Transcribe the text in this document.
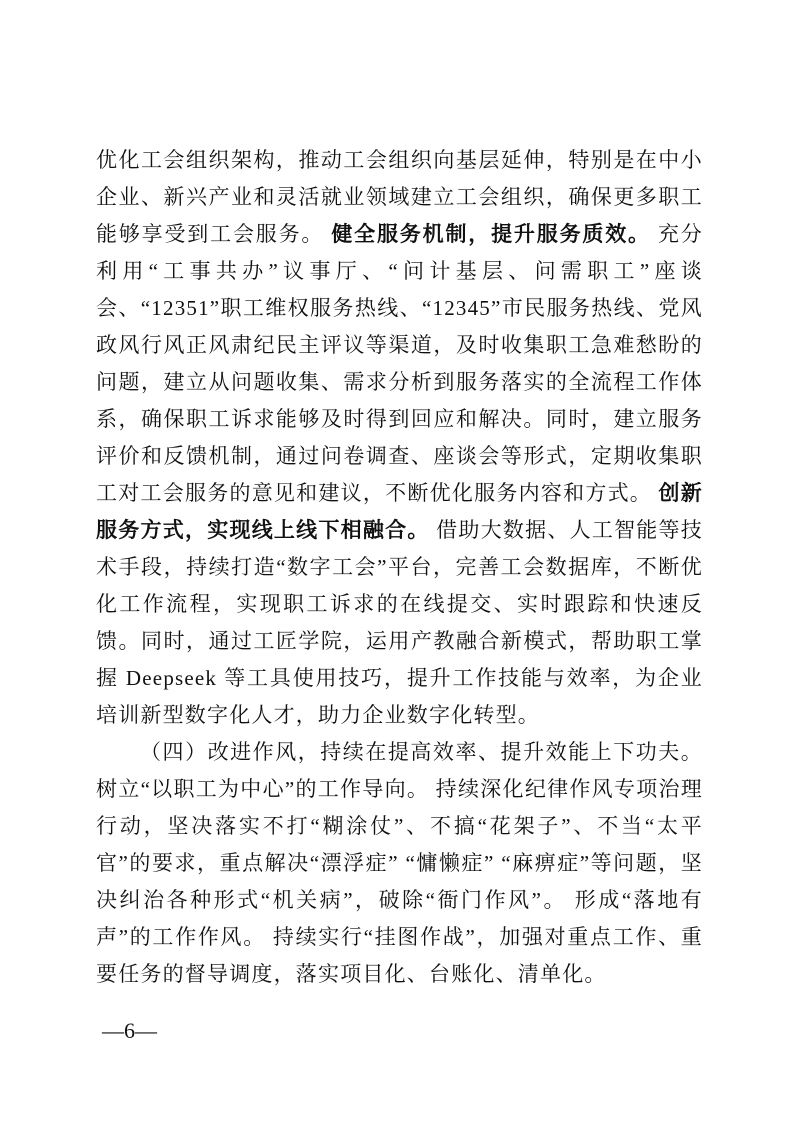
优化工会组织架构，推动工会组织向基层延伸，特别是在中小企业、新兴产业和灵活就业领域建立工会组织，确保更多职工能够享受到工会服务。 健全服务机制，提升服务质效。 充分利用“工事共办”议事厅、“问计基层、问需职工”座谈会、“12351”职工维权服务热线、“12345”市民服务热线、党风政风行风正风肃纪民主评议等渠道，及时收集职工急难愁盼的问题，建立从问题收集、需求分析到服务落实的全流程工作体系，确保职工诉求能够及时得到回应和解决。同时，建立服务评价和反馈机制，通过问卷调查、座谈会等形式，定期收集职工对工会服务的意见和建议，不断优化服务内容和方式。 创新服务方式，实现线上线下相融合。 借助大数据、人工智能等技术手段，持续打造“数字工会”平台，完善工会数据库，不断优化工作流程，实现职工诉求的在线提交、实时跟踪和快速反馈。同时，通过工匠学院，运用产教融合新模式，帮助职工掌握 Deepseek 等工具使用技巧，提升工作技能与效率，为企业培训新型数字化人才，助力企业数字化转型。

（四）改进作风，持续在提高效率、提升效能上下功夫。树立“以职工为中心”的工作导向。 持续深化纪律作风专项治理行动，坚决落实不打“糊涂仗”、不搞“花架子”、不当“太平官”的要求，重点解决“漂浮症” “慵懒症” “麻痹症”等问题，坚决纠治各种形式“机关病”，破除“衙门作风”。 形成“落地有声”的工作作风。 持续实行“挂图作战”，加强对重点工作、重要任务的督导调度，落实项目化、台账化、清单化。

—6—
